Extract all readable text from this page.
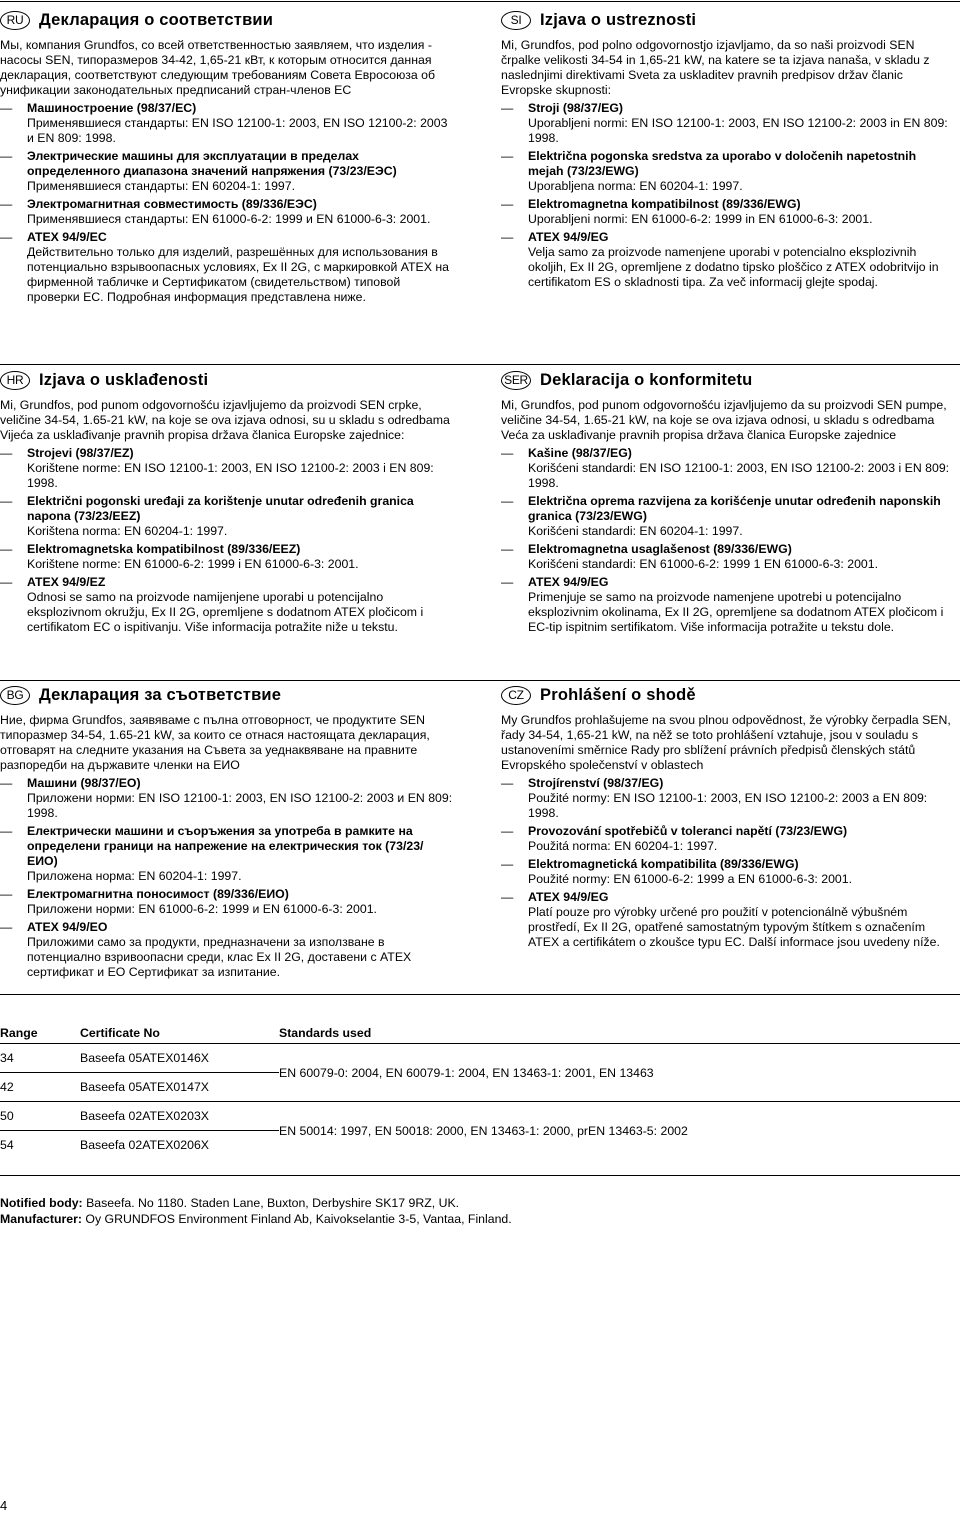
RU Декларация о соответствии

Мы, компания Grundfos, со всей ответственностью заявляем, что изделия - насосы SEN, типоразмеров 34-42, 1,65-21 кВт, к которым относится данная декларация, соответствуют следующим требованиям Совета Евросоюза об унификации законодательных предписаний стран-членов ЕС

— Машиностроение (98/37/EC)
Применявшиеся стандарты: EN ISO 12100-1: 2003, EN ISO 12100-2: 2003 и EN 809: 1998.
— Электрические машины для эксплуатации в пределах определенного диапазона значений напряжения (73/23/ЕЭС)
Применявшиеся стандарты: EN 60204-1: 1997.
— Электромагнитная совместимость (89/336/ЕЭС)
Применявшиеся стандарты: EN 61000-6-2: 1999 и EN 61000-6-3: 2001.
— ATEX 94/9/EC
Действительно только для изделий, разрешённых для использования в потенциально взрывоопасных условиях, Ex II 2G, с маркировкой ATEX на фирменной табличке и Сертификатом (свидетельством) типовой проверки ЕС. Подробная информация представлена ниже.
SI	Izjava o ustreznosti

Mi, Grundfos, pod polno odgovornostjo izjavljamo, da so naši proizvodi SEN črpalke velikosti 34-54 in 1,65-21 kW, na katere se ta izjava nanaša, v skladu z naslednjimi direktivami Sveta za uskladitev pravnih predpisov držav članic Evropske skupnosti:

— Stroji (98/37/EG)
Uporabljeni normi: EN ISO 12100-1: 2003, EN ISO 12100-2: 2003 in EN 809: 1998.
— Električna pogonska sredstva za uporabo v določenih napetostnih mejah (73/23/EWG)
Uporabljena norma: EN 60204-1: 1997.
— Elektromagnetna kompatibilnost (89/336/EWG)
Uporabljeni normi: EN 61000-6-2: 1999 in EN 61000-6-3: 2001.
— ATEX 94/9/EG
Velja samo za proizvode namenjene uporabi v potencialno eksplozivnih okoljih, Ex II 2G, opremljene z dodatno tipsko ploščico z ATEX odobritvijo in certifikatom ES o skladnosti tipa. Za več informacij glejte spodaj.
HR Izjava o usklađenosti

Mi, Grundfos, pod punom odgovornošću izjavljujemo da proizvodi SEN crpke, veličine 34-54, 1.65-21 kW, na koje se ova izjava odnosi, su u skladu s odredbama Vijeća za usklađivanje pravnih propisa država članica Europske zajednice:

— Strojevi (98/37/EZ)
Korištene norme: EN ISO 12100-1: 2003, EN ISO 12100-2: 2003 i EN 809: 1998.
— Električni pogonski uređaji za korištenje unutar određenih granica napona (73/23/EEZ)
Korištena norma: EN 60204-1: 1997.
— Elektromagnetska kompatibilnost (89/336/EEZ)
Korištene norme: EN 61000-6-2: 1999 i EN 61000-6-3: 2001.
— ATEX 94/9/EZ
Odnosi se samo na proizvode namijenjene uporabi u potencijalno eksplozivnom okružju, Ex II 2G, opremljene s dodatnom ATEX pločicom i certifikatom EC o ispitivanju. Više informacija potražite niže u tekstu.
SER Deklaracija o konformitetu

Mi, Grundfos, pod punom odgovornošću izjavljujemo da su proizvodi SEN pumpe, veličine 34-54, 1.65-21 kW, na koje se ova izjava odnosi, u skladu s odredbama Veća za usklađivanje pravnih propisa država članica Europske zajednice

— Kašine (98/37/EG)
Korišćeni standardi: EN ISO 12100-1: 2003, EN ISO 12100-2: 2003 i EN 809: 1998.
— Električna oprema razvijena za korišćenje unutar određenih naponskih granica (73/23/EWG)
Korišćeni standardi: EN 60204-1: 1997.
— Elektromagnetna usaglašenost (89/336/EWG)
Korišćeni standardi: EN 61000-6-2: 1999 1 EN 61000-6-3: 2001.
— ATEX 94/9/EG
Primenjuje se samo na proizvode namenjene upotrebi u potencijalno eksplozivnim okolinama, Ex II 2G, opremljene sa dodatnom ATEX pločicom i EC-tip ispitnim sertifikatom. Više informacija potražite u tekstu dole.
BG Декларация за съответствие

Ние, фирма Grundfos, заявяваме с пълна отговорност, че продуктите SEN типоразмер 34-54, 1.65-21 kW, за които се отнася настоящата декларация, отговарят на следните указания на Съвета за уеднаквяване на правните разпоредби на държавите членки на ЕИО

— Машини (98/37/ЕО)
Приложени норми: EN ISO 12100-1: 2003, EN ISO 12100-2: 2003 и EN 809: 1998.
— Електрически машини и съоръжения за употреба в рамките на определени граници на напрежение на електрическия ток (73/23/ЕИО)
Приложена норма: EN 60204-1: 1997.
— Електромагнитна поносимост (89/336/ЕИО)
Приложени норми: EN 61000-6-2: 1999 и EN 61000-6-3: 2001.
— ATEX 94/9/ЕО
Приложими само за продукти, предназначени за използване в потенциално взривоопасни среди, клас Ex II 2G, доставени с ATEX сертификат и ЕО Сертификат за изпитание.
CZ Prohlášení o shodě

My Grundfos prohlašujeme na svou plnou odpovědnost, že výrobky čerpadla SEN, řady 34-54, 1,65-21 kW, na něž se toto prohlášení vztahuje, jsou v souladu s ustanoveními směrnice Rady pro sblížení právních předpisů členských států Evropského společenství v oblastech

— Strojírenství (98/37/EG)
Použité normy: EN ISO 12100-1: 2003, EN ISO 12100-2: 2003 a EN 809: 1998.
— Provozování spotřebičů v toleranci napětí (73/23/EWG)
Použitá norma: EN 60204-1: 1997.
— Elektromagnetická kompatibilita (89/336/EWG)
Použité normy: EN 61000-6-2: 1999 a EN 61000-6-3: 2001.
— ATEX 94/9/EG
Platí pouze pro výrobky určené pro použití v potencionálně výbušném prostředí, Ex II 2G, opatřené samostatným typovým štítkem s označením ATEX a certifikátem o zkoušce typu EC. Další informace jsou uvedeny níže.
Range	Certificate No	Standards used
34	Baseefa 05ATEX0146X	EN 60079-0: 2004, EN 60079-1: 2004, EN 13463-1: 2001, EN 13463
42	Baseefa 05ATEX0147X	
50	Baseefa 02ATEX0203X	EN 50014: 1997, EN 50018: 2000, EN 13463-1: 2000, prEN 13463-5: 2002
54	Baseefa 02ATEX0206X	
Notified body: Baseefa. No 1180. Staden Lane, Buxton, Derbyshire SK17 9RZ, UK.
Manufacturer: Oy GRUNDFOS Environment Finland Ab, Kaivokselantie 3-5, Vantaa, Finland.
4
